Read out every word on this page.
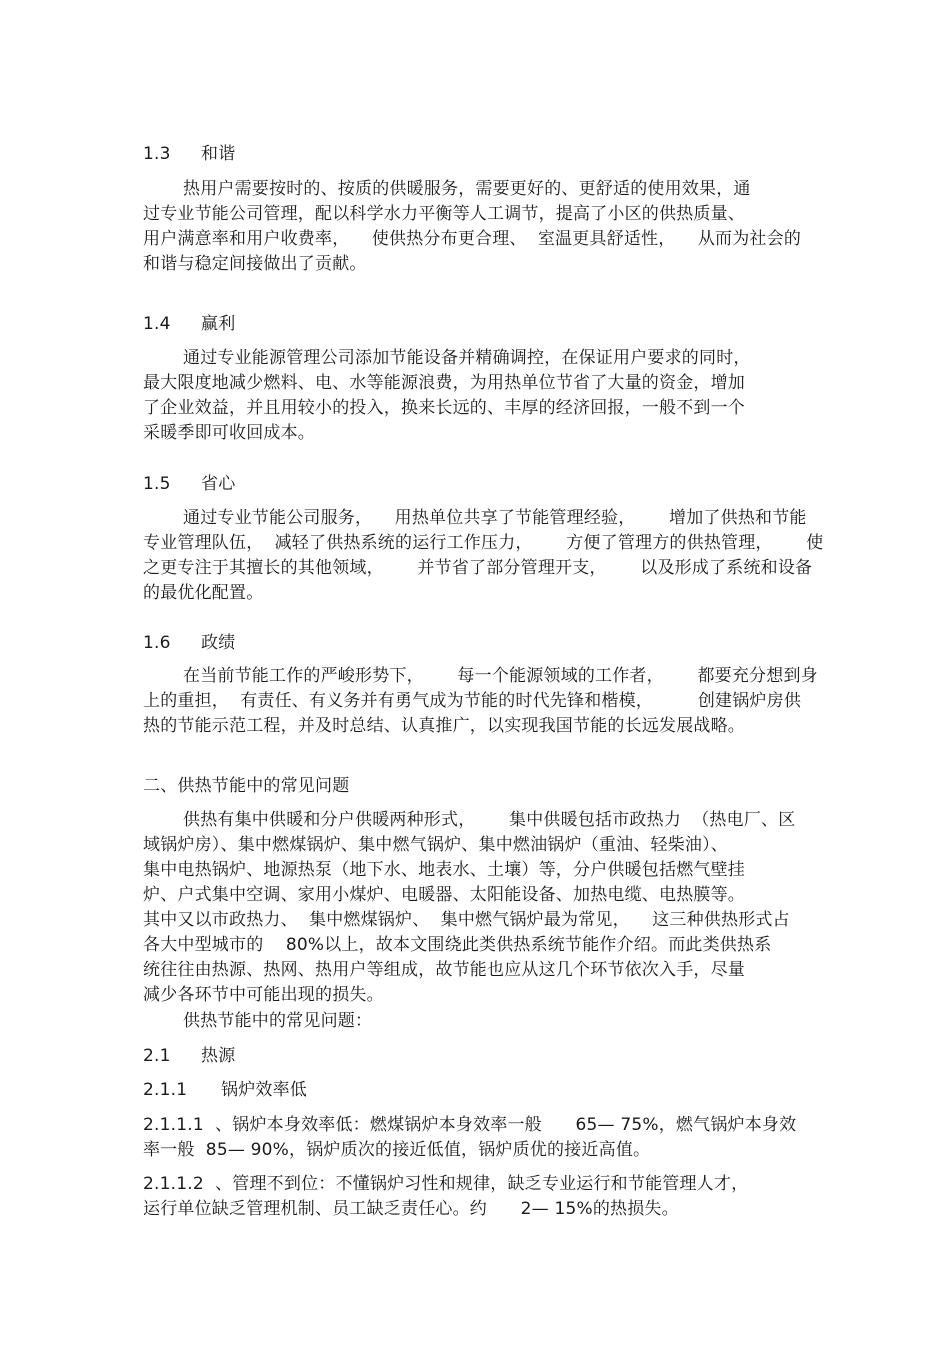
1.3 和谐
热用户需要按时的、按质的供暖服务，需要更好的、更舒适的使用效果，通
过专业节能公司管理，配以科学水力平衡等人工调节，提高了小区的供热质量、
用户满意率和用户收费率，    使供热分布更合理、  室温更具舒适性，    从而为社会的
和谐与稳定间接做出了贡献。
1.4 赢利
通过专业能源管理公司添加节能设备并精确调控，在保证用户要求的同时，
最大限度地减少燃料、电、水等能源浪费，为用热单位节省了大量的资金，增加
了企业效益，并且用较小的投入，换来长远的、丰厚的经济回报，一般不到一个
采暖季即可收回成本。
1.5 省心
通过专业节能公司服务，    用热单位共享了节能管理经验，      增加了供热和节能
专业管理队伍，  减轻了供热系统的运行工作压力，      方便了管理方的供热管理，      使
之更专注于其擅长的其他领域，      并节省了部分管理开支，      以及形成了系统和设备
的最优化配置。
1.6 政绩
在当前节能工作的严峻形势下，      每一个能源领域的工作者，      都要充分想到身
上的重担，  有责任、有义务并有勇气成为节能的时代先锋和楷模，        创建锅炉房供
热的节能示范工程，并及时总结、认真推广，以实现我国节能的长远发展战略。
二、供热节能中的常见问题
供热有集中供暖和分户供暖两种形式，      集中供暖包括市政热力  （热电厂、区
域锅炉房）、集中燃煤锅炉、集中燃气锅炉、集中燃油锅炉（重油、轻柴油）、
集中电热锅炉、地源热泵（地下水、地表水、土壤）等，分户供暖包括燃气壁挂
炉、户式集中空调、家用小煤炉、电暖器、太阳能设备、加热电缆、电热膜等。
其中又以市政热力、  集中燃煤锅炉、  集中燃气锅炉最为常见，    这三种供热形式占
各大中型城市的    80%以上，故本文围绕此类供热系统节能作介绍。而此类供热系
统往往由热源、热网、热用户等组成，故节能也应从这几个环节依次入手，尽量
减少各环节中可能出现的损失。
供热节能中的常见问题：
2.1 热源
2.1.1 锅炉效率低
2.1.1.1  、锅炉本身效率低：燃煤锅炉本身效率一般      65— 75%，燃气锅炉本身效
率一般  85— 90%，锅炉质次的接近低值，锅炉质优的接近高值。
2.1.1.2  、管理不到位：不懂锅炉习性和规律，缺乏专业运行和节能管理人才，
运行单位缺乏管理机制、员工缺乏责任心。约      2— 15%的热损失。
